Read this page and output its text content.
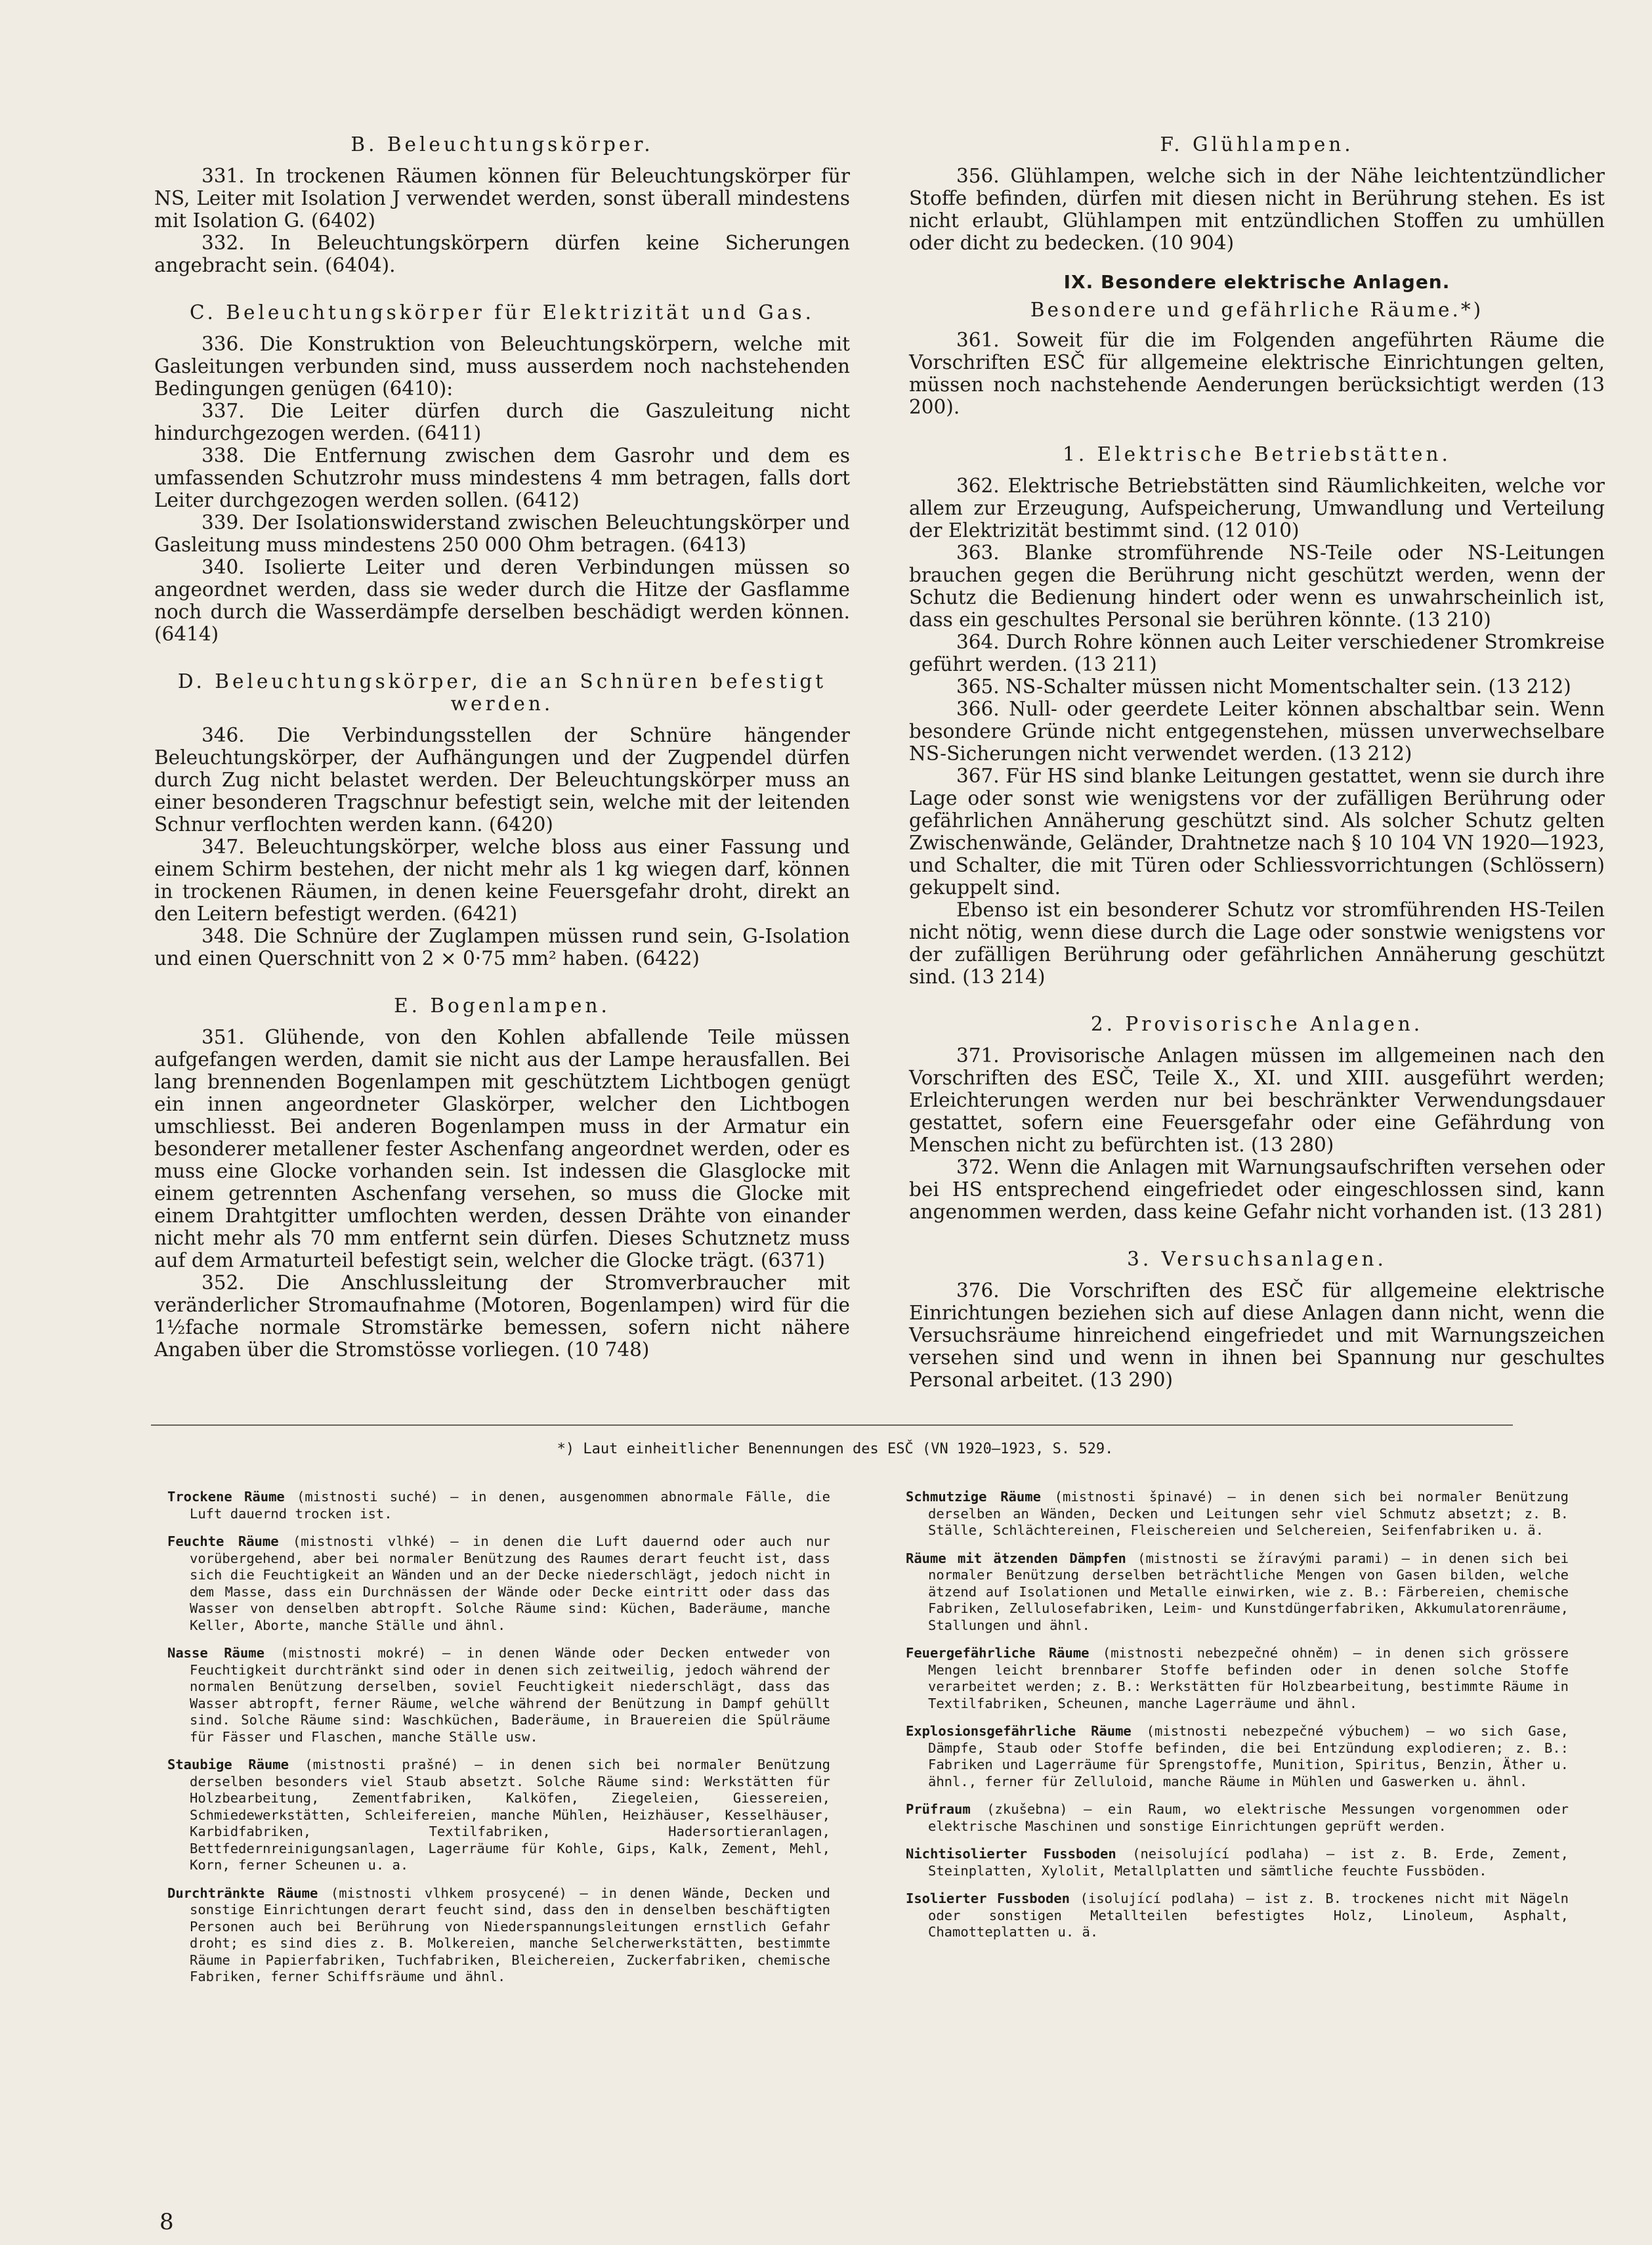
B. Beleuchtungskörper.

331. In trockenen Räumen können für Beleuchtungskörper für NS, Leiter mit Isolation J verwendet werden, sonst überall mindestens mit Isolation G. (6402)

332. In Beleuchtungskörpern dürfen keine Sicherungen angebracht sein. (6404).

C. Beleuchtungskörper für Elektrizität und Gas.

336. Die Konstruktion von Beleuchtungskörpern, welche mit Gasleitungen verbunden sind, muss ausserdem noch nachstehenden Bedingungen genügen (6410):

337. Die Leiter dürfen durch die Gaszuleitung nicht hindurchgezogen werden. (6411)

338. Die Entfernung zwischen dem Gasrohr und dem es umfassenden Schutzrohr muss mindestens 4 mm betragen, falls dort Leiter durchgezogen werden sollen. (6412)

339. Der Isolationswiderstand zwischen Beleuchtungskörper und Gasleitung muss mindestens 250 000 Ohm betragen. (6413)

340. Isolierte Leiter und deren Verbindungen müssen so angeordnet werden, dass sie weder durch die Hitze der Gasflamme noch durch die Wasserdämpfe derselben beschädigt werden können. (6414)

D. Beleuchtungskörper, die an Schnüren befestigt werden.

346. Die Verbindungsstellen der Schnüre hängender Beleuchtungskörper, der Aufhängungen und der Zugpendel dürfen durch Zug nicht belastet werden. Der Beleuchtungskörper muss an einer besonderen Tragschnur befestigt sein, welche mit der leitenden Schnur verflochten werden kann. (6420)

347. Beleuchtungskörper, welche bloss aus einer Fassung und einem Schirm bestehen, der nicht mehr als 1 kg wiegen darf, können in trockenen Räumen, in denen keine Feuersgefahr droht, direkt an den Leitern befestigt werden. (6421)

348. Die Schnüre der Zuglampen müssen rund sein, G-Isolation und einen Querschnitt von 2 × 0·75 mm² haben. (6422)

E. Bogenlampen.

351. Glühende, von den Kohlen abfallende Teile müssen aufgefangen werden, damit sie nicht aus der Lampe herausfallen. Bei lang brennenden Bogenlampen mit geschütztem Lichtbogen genügt ein innen angeordneter Glaskörper, welcher den Lichtbogen umschliesst. Bei anderen Bogenlampen muss in der Armatur ein besonderer metallener fester Aschenfang angeordnet werden, oder es muss eine Glocke vorhanden sein. Ist indessen die Glasglocke mit einem getrennten Aschenfang versehen, so muss die Glocke mit einem Drahtgitter umflochten werden, dessen Drähte von einander nicht mehr als 70 mm entfernt sein dürfen. Dieses Schutznetz muss auf dem Armaturteil befestigt sein, welcher die Glocke trägt. (6371)

352. Die Anschlussleitung der Stromverbraucher mit veränderlicher Stromaufnahme (Motoren, Bogenlampen) wird für die 1½fache normale Stromstärke bemessen, sofern nicht nähere Angaben über die Stromstösse vorliegen. (10 748)

F. Glühlampen.

356. Glühlampen, welche sich in der Nähe leichtentzündlicher Stoffe befinden, dürfen mit diesen nicht in Berührung stehen. Es ist nicht erlaubt, Glühlampen mit entzündlichen Stoffen zu umhüllen oder dicht zu bedecken. (10 904)

IX. Besondere elektrische Anlagen.
Besondere und gefährliche Räume.*)

361. Soweit für die im Folgenden angeführten Räume die Vorschriften ESČ für allgemeine elektrische Einrichtungen gelten, müssen noch nachstehende Aenderungen berücksichtigt werden (13 200).

1. Elektrische Betriebstätten.

362. Elektrische Betriebstätten sind Räumlichkeiten, welche vor allem zur Erzeugung, Aufspeicherung, Umwandlung und Verteilung der Elektrizität bestimmt sind. (12 010)

363. Blanke stromführende NS-Teile oder NS-Leitungen brauchen gegen die Berührung nicht geschützt werden, wenn der Schutz die Bedienung hindert oder wenn es unwahrscheinlich ist, dass ein geschultes Personal sie berühren könnte. (13 210)

364. Durch Rohre können auch Leiter verschiedener Stromkreise geführt werden. (13 211)

365. NS-Schalter müssen nicht Momentschalter sein. (13 212)

366. Null- oder geerdete Leiter können abschaltbar sein. Wenn besondere Gründe nicht entgegenstehen, müssen unverwechselbare NS-Sicherungen nicht verwendet werden. (13 212)

367. Für HS sind blanke Leitungen gestattet, wenn sie durch ihre Lage oder sonst wie wenigstens vor der zufälligen Berührung oder gefährlichen Annäherung geschützt sind. Als solcher Schutz gelten Zwischenwände, Geländer, Drahtnetze nach § 10 104 VN 1920—1923, und Schalter, die mit Türen oder Schliessvorrichtungen (Schlössern) gekuppelt sind.

Ebenso ist ein besonderer Schutz vor stromführenden HS-Teilen nicht nötig, wenn diese durch die Lage oder sonstwie wenigstens vor der zufälligen Berührung oder gefährlichen Annäherung geschützt sind. (13 214)

2. Provisorische Anlagen.

371. Provisorische Anlagen müssen im allgemeinen nach den Vorschriften des ESČ, Teile X., XI. und XIII. ausgeführt werden; Erleichterungen werden nur bei beschränkter Verwendungsdauer gestattet, sofern eine Feuersgefahr oder eine Gefährdung von Menschen nicht zu befürchten ist. (13 280)

372. Wenn die Anlagen mit Warnungsaufschriften versehen oder bei HS entsprechend eingefriedet oder eingeschlossen sind, kann angenommen werden, dass keine Gefahr nicht vorhanden ist. (13 281)

3. Versuchsanlagen.

376. Die Vorschriften des ESČ für allgemeine elektrische Einrichtungen beziehen sich auf diese Anlagen dann nicht, wenn die Versuchsräume hinreichend eingefriedet und mit Warnungszeichen versehen sind und wenn in ihnen bei Spannung nur geschultes Personal arbeitet. (13 290)

*) Laut einheitlicher Benennungen des ESČ (VN 1920—1923, S. 529.
Trockene Räume (mistnosti suché) — in denen, ausgenommen abnormale Fälle, die Luft dauernd trocken ist.
Feuchte Räume (mistnosti vlhké) — in denen die Luft dauernd oder auch nur vorübergehend, aber bei normaler Benützung des Raumes derart feucht ist, dass sich die Feuchtigkeit an Wänden und an der Decke niederschlägt, jedoch nicht in dem Masse, dass ein Durchnässen der Wände oder Decke eintritt oder dass das Wasser von denselben abtropft. Solche Räume sind: Küchen, Baderäume, manche Keller, Aborte, manche Ställe und ähnl.
Nasse Räume (mistnosti mokré) — in denen Wände oder Decken entweder von Feuchtigkeit durchtränkt sind oder in denen sich zeitweilig, jedoch während der normalen Benützung derselben, soviel Feuchtigkeit niederschlägt, dass das Wasser abtropft, ferner Räume, welche während der Benützung in Dampf gehüllt sind. Solche Räume sind: Waschküchen, Baderäume, in Brauereien die Spülräume für Fässer und Flaschen, manche Ställe usw.
Staubige Räume (mistnosti prašné) — in denen sich bei normaler Benützung derselben besonders viel Staub absetzt. Solche Räume sind: Werkstätten für Holzbearbeitung, Zementfabriken, Kalköfen, Ziegeleien, Giessereien, Schmiedewerkstätten, Schleifereien, manche Mühlen, Heizhäuser, Kesselhäuser, Karbidfabriken, Textilfabriken, Hadersortieranlagen, Bettfedernreinigungsanlagen, Lagerräume für Kohle, Gips, Kalk, Zement, Mehl, Korn, ferner Scheunen u. a.
Durchtränkte Räume (mistnosti vlhkem prosycené) — in denen Wände, Decken und sonstige Einrichtungen derart feucht sind, dass den in denselben beschäftigten Personen auch bei Berührung von Niederspannungsleitungen ernstlich Gefahr droht; es sind dies z. B. Molkereien, manche Selcherwerkstätten, bestimmte Räume in Papierfabriken, Tuchfabriken, Bleichereien, Zuckerfabriken, chemische Fabriken, ferner Schiffsräume und ähnl.
Schmutzige Räume (mistnosti špinavé) — in denen sich bei normaler Benützung derselben an Wänden, Decken und Leitungen sehr viel Schmutz absetzt; z. B. Ställe, Schlächtereinen, Fleischereien und Selchereien, Seifenfabriken u. ä.
Räume mit ätzenden Dämpfen (mistnosti se žíravými parami) — in denen sich bei normaler Benützung derselben beträchtliche Mengen von Gasen bilden, welche ätzend auf Isolationen und Metalle einwirken, wie z. B.: Färbereien, chemische Fabriken, Zellulosefabriken, Leim- und Kunstdüngerfabriken, Akkumulatorenräume, Stallungen und ähnl.
Feuergefährliche Räume (mistnosti nebezpečné ohněm) — in denen sich grössere Mengen leicht brennbarer Stoffe befinden oder in denen solche Stoffe verarbeitet werden; z. B.: Werkstätten für Holzbearbeitung, bestimmte Räume in Textilfabriken, Scheunen, manche Lagerräume und ähnl.
Explosionsgefährliche Räume (mistnosti nebezpečné výbuchem) — wo sich Gase, Dämpfe, Staub oder Stoffe befinden, die bei Entzündung explodieren; z. B.: Fabriken und Lagerräume für Sprengstoffe, Munition, Spiritus, Benzin, Äther u. ähnl., ferner für Zelluloid, manche Räume in Mühlen und Gaswerken u. ähnl.
Prüfraum (zkušebna) — ein Raum, wo elektrische Messungen vorgenommen oder elektrische Maschinen und sonstige Einrichtungen geprüft werden.
Nichtisolierter Fussboden (neisolující podlaha) — ist z. B. Erde, Zement, Steinplatten, Xylolit, Metallplatten und sämtliche feuchte Fussböden.
Isolierter Fussboden (isolující podlaha) — ist z. B. trockenes nicht mit Nägeln oder sonstigen Metallteilen befestigtes Holz, Linoleum, Asphalt, Chamotteplatten u. ä.
8
